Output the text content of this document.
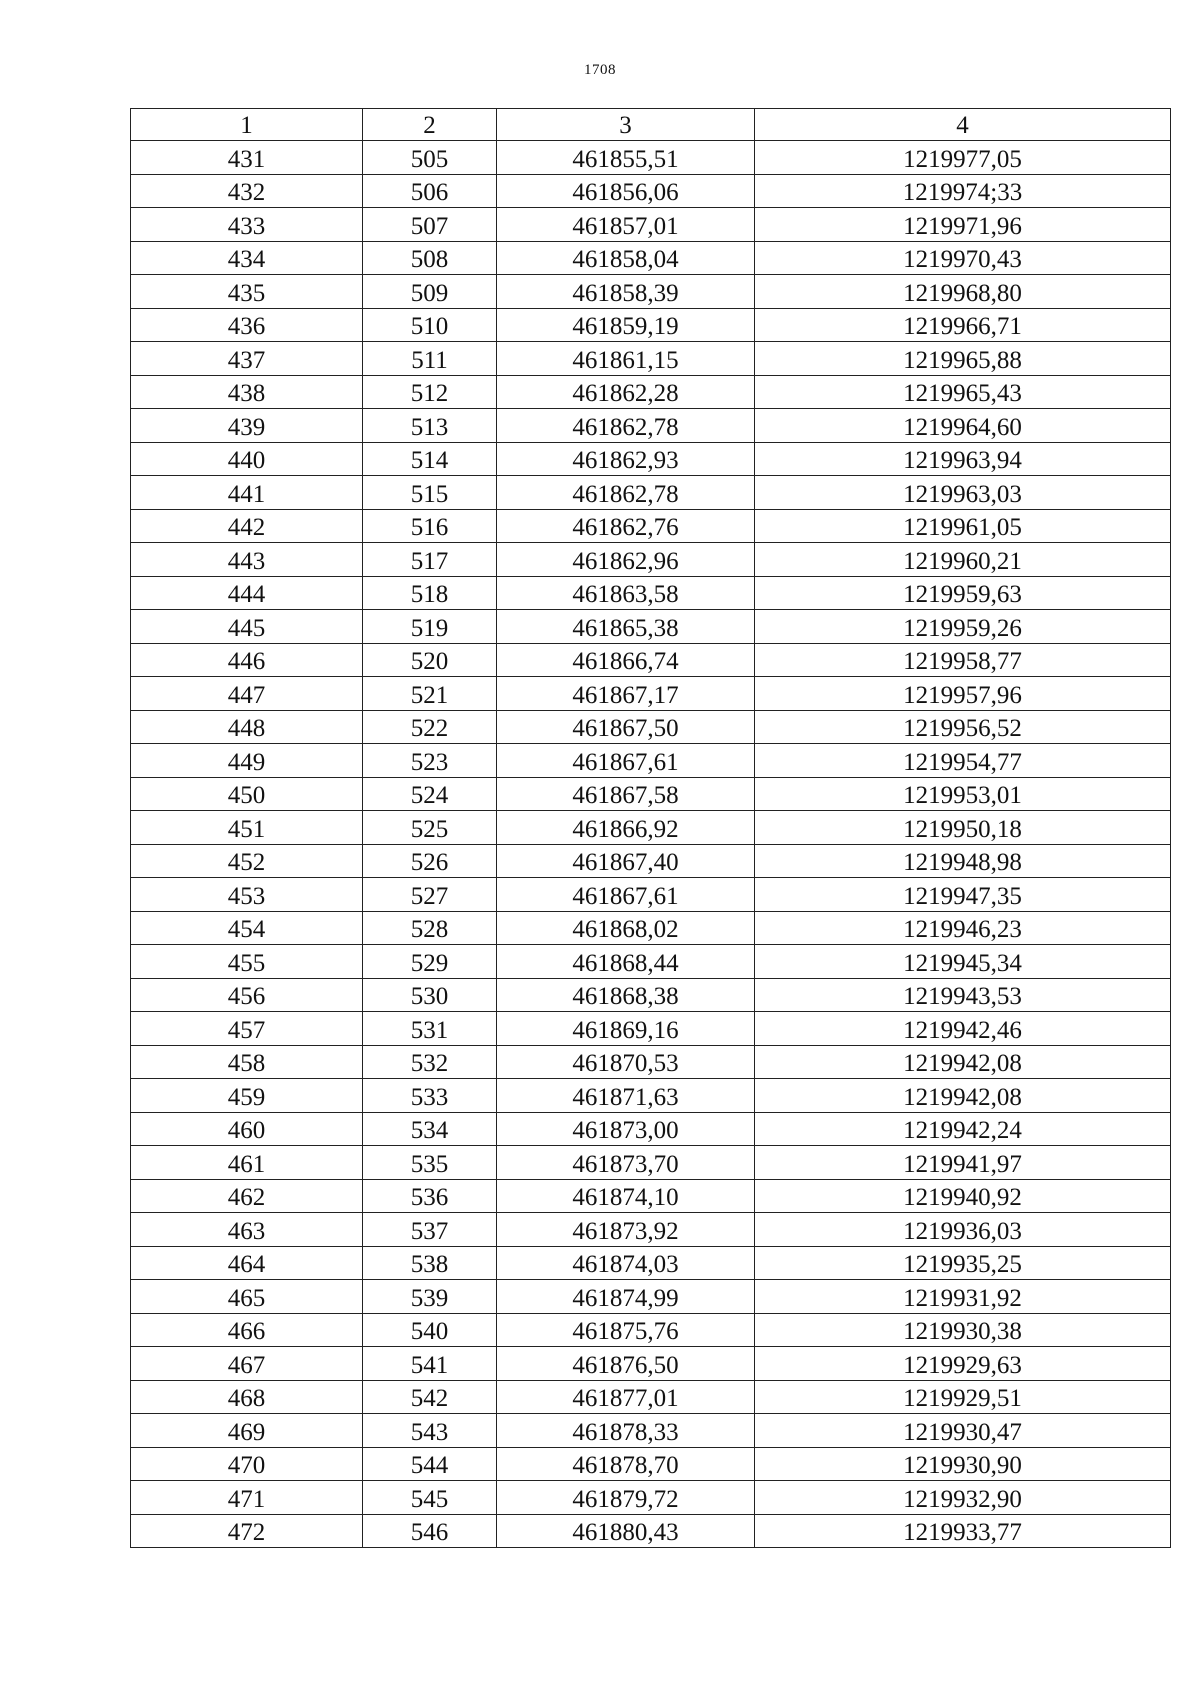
1708
1	2	3	4
431	505	461855,51	1219977,05
432	506	461856,06	1219974;33
433	507	461857,01	1219971,96
434	508	461858,04	1219970,43
435	509	461858,39	1219968,80
436	510	461859,19	1219966,71
437	511	461861,15	1219965,88
438	512	461862,28	1219965,43
439	513	461862,78	1219964,60
440	514	461862,93	1219963,94
441	515	461862,78	1219963,03
442	516	461862,76	1219961,05
443	517	461862,96	1219960,21
444	518	461863,58	1219959,63
445	519	461865,38	1219959,26
446	520	461866,74	1219958,77
447	521	461867,17	1219957,96
448	522	461867,50	1219956,52
449	523	461867,61	1219954,77
450	524	461867,58	1219953,01
451	525	461866,92	1219950,18
452	526	461867,40	1219948,98
453	527	461867,61	1219947,35
454	528	461868,02	1219946,23
455	529	461868,44	1219945,34
456	530	461868,38	1219943,53
457	531	461869,16	1219942,46
458	532	461870,53	1219942,08
459	533	461871,63	1219942,08
460	534	461873,00	1219942,24
461	535	461873,70	1219941,97
462	536	461874,10	1219940,92
463	537	461873,92	1219936,03
464	538	461874,03	1219935,25
465	539	461874,99	1219931,92
466	540	461875,76	1219930,38
467	541	461876,50	1219929,63
468	542	461877,01	1219929,51
469	543	461878,33	1219930,47
470	544	461878,70	1219930,90
471	545	461879,72	1219932,90
472	546	461880,43	1219933,77
